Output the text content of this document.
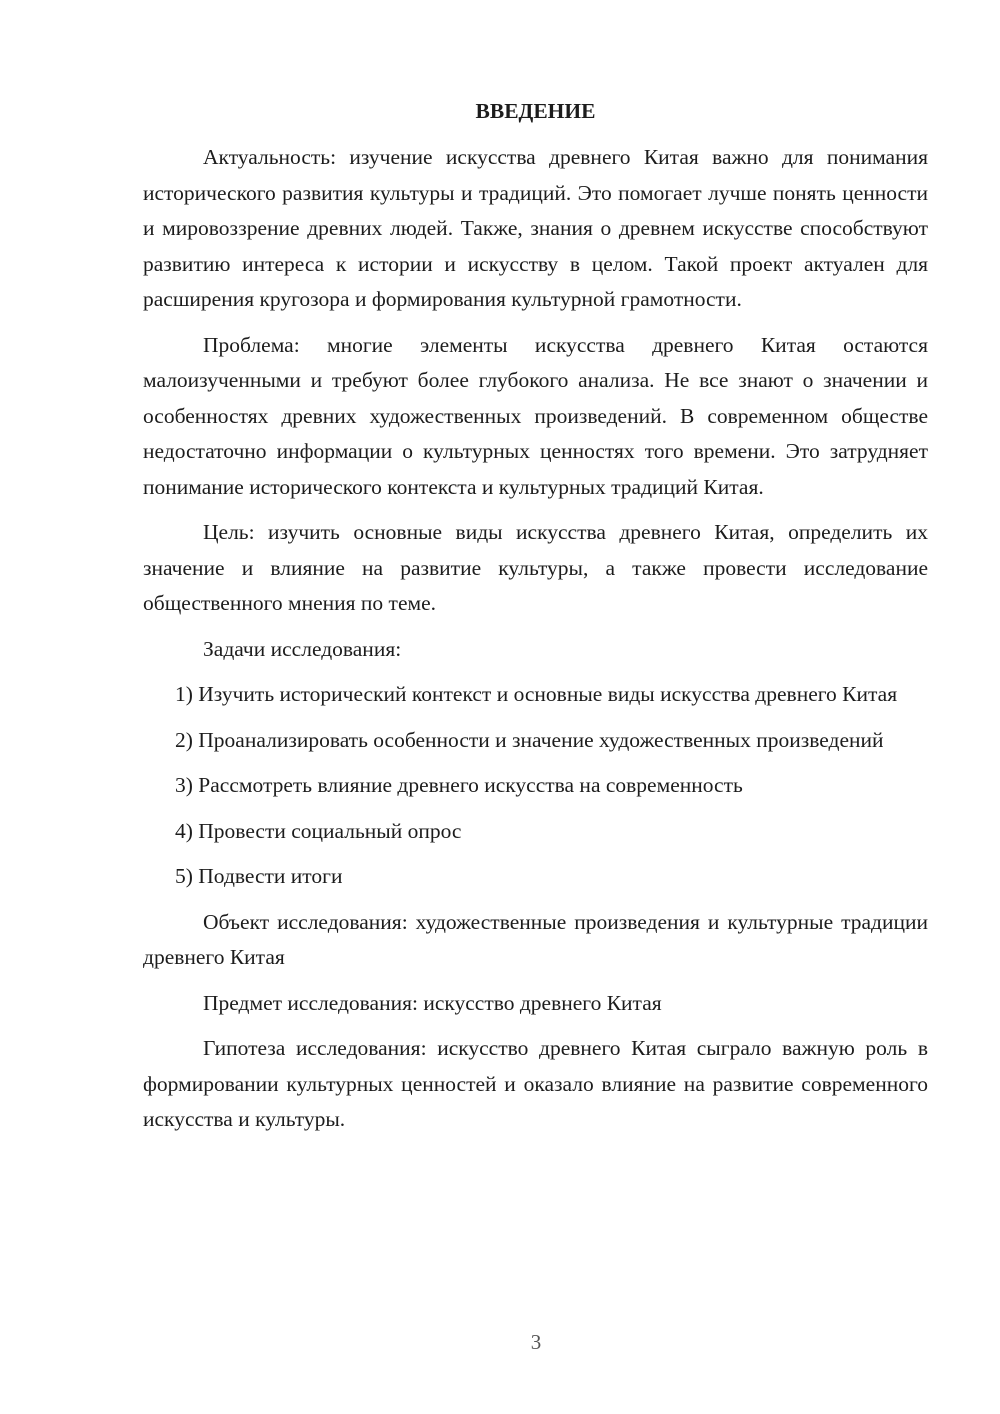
ВВЕДЕНИЕ

Актуальность: изучение искусства древнего Китая важно для понимания исторического развития культуры и традиций. Это помогает лучше понять ценности и мировоззрение древних людей. Также, знания о древнем искусстве способствуют развитию интереса к истории и искусству в целом. Такой проект актуален для расширения кругозора и формирования культурной грамотности.

Проблема: многие элементы искусства древнего Китая остаются малоизученными и требуют более глубокого анализа. Не все знают о значении и особенностях древних художественных произведений. В современном обществе недостаточно информации о культурных ценностях того времени. Это затрудняет понимание исторического контекста и культурных традиций Китая.

Цель: изучить основные виды искусства древнего Китая, определить их значение и влияние на развитие культуры, а также провести исследование общественного мнения по теме.

Задачи исследования:

1) Изучить исторический контекст и основные виды искусства древнего Китая

2) Проанализировать особенности и значение художественных произведений

3) Рассмотреть влияние древнего искусства на современность

4) Провести социальный опрос

5) Подвести итоги

Объект исследования: художественные произведения и культурные традиции древнего Китая

Предмет исследования: искусство древнего Китая

Гипотеза исследования: искусство древнего Китая сыграло важную роль в формировании культурных ценностей и оказало влияние на развитие современного искусства и культуры.

3
